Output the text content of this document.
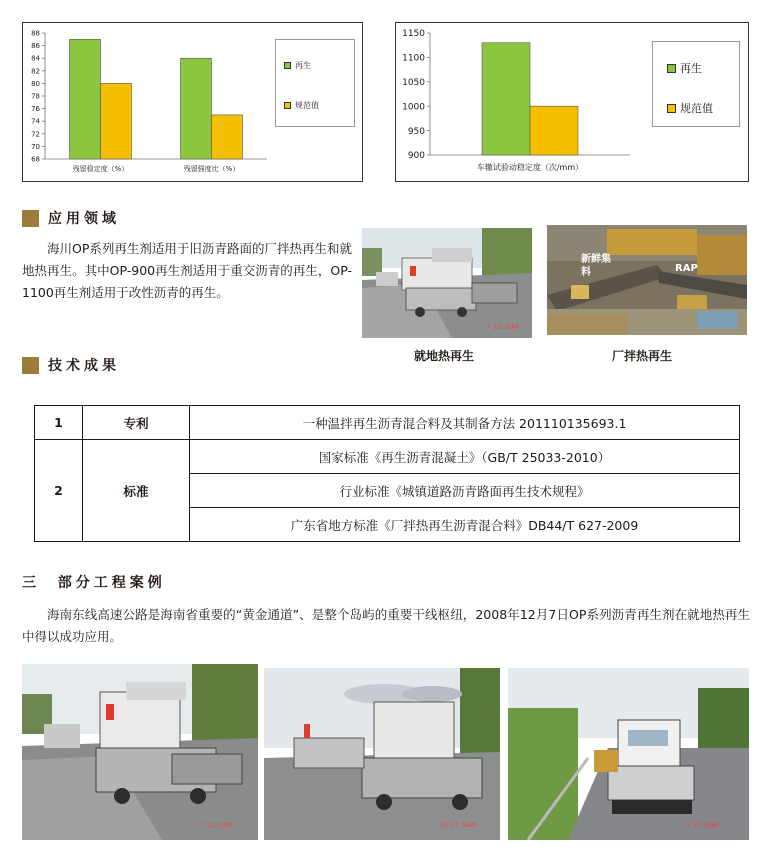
68
70
72
74
76
78
80
82
84
86
88
残留稳定度（%）	残留强度比（%）
再生
规范值
900
950
1000
1050
1100
1150
车辙试验动稳定度（次/mm）
再生
规范值
应用领域
海川OP系列再生剂适用于旧沥青路面的厂拌热再生和就地热再生。其中OP-900再生剂适用于重交沥青的再生，OP-1100再生剂适用于改性沥青的再生。
7 12:20AM
就地热再生
新鲜集料	RAP
厂拌热再生
技术成果
1	专利	一种温拌再生沥青混合料及其制备方法 201110135693.1
2	标准	国家标准《再生沥青混凝土》（GB/T 25033-2010）
		行业标准《城镇道路沥青路面再生技术规程》
		广东省地方标准《厂拌热再生沥青混合料》DB44/T 627-2009
三  部分工程案例
海南东线高速公路是海南省重要的“黄金通道”、是整个岛屿的重要干线枢纽，2008年12月7日OP系列沥青再生剂在就地热再生中得以成功应用。
7 12:20AM	29 11:56AM	5 10:58AM
